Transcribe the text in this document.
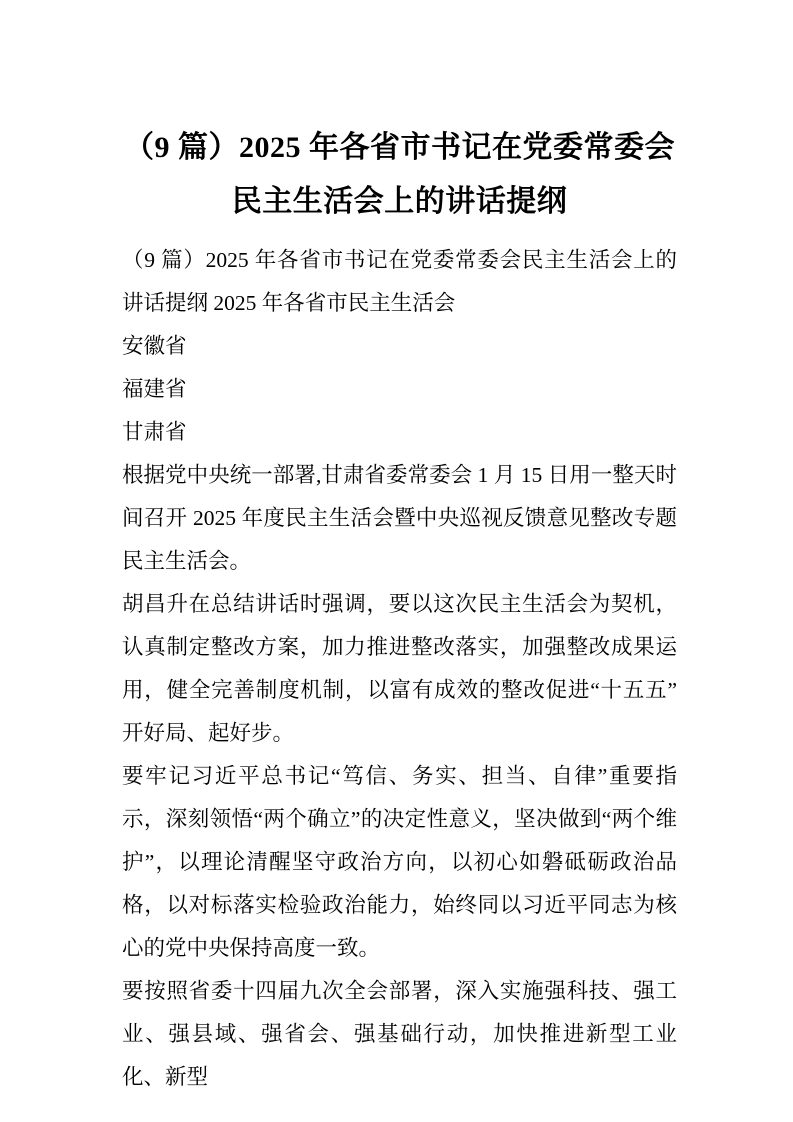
（9 篇）2025 年各省市书记在党委常委会民主生活会上的讲话提纲

（9 篇）2025 年各省市书记在党委常委会民主生活会上的讲话提纲 2025 年各省市民主生活会

安徽省

福建省

甘肃省

根据党中央统一部署,甘肃省委常委会 1 月 15 日用一整天时间召开 2025 年度民主生活会暨中央巡视反馈意见整改专题民主生活会。

胡昌升在总结讲话时强调，要以这次民主生活会为契机，认真制定整改方案，加力推进整改落实，加强整改成果运用，健全完善制度机制，以富有成效的整改促进“十五五”开好局、起好步。

要牢记习近平总书记“笃信、务实、担当、自律”重要指示，深刻领悟“两个确立”的决定性意义，坚决做到“两个维护”，以理论清醒坚守政治方向，以初心如磐砥砺政治品格，以对标落实检验政治能力，始终同以习近平同志为核心的党中央保持高度一致。

要按照省委十四届九次全会部署，深入实施强科技、强工业、强县域、强省会、强基础行动，加快推进新型工业化、新型
